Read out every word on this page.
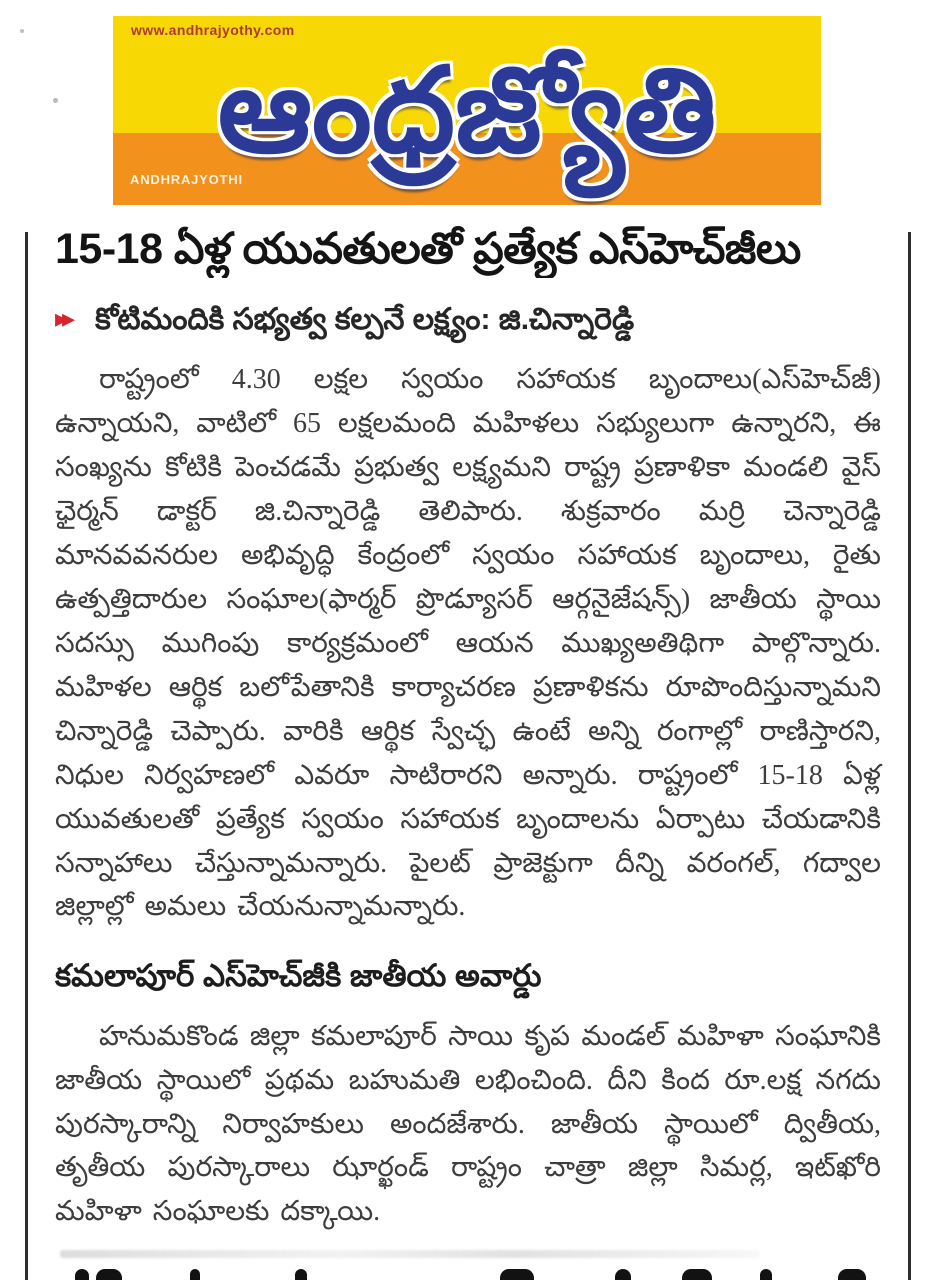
ఆంధ్రజ్యోతి
www.andhrajyothy.com
ANDHRAJYOTHI
15-18 ఏళ్ల యువతులతో ప్రత్యేక ఎస్‌హెచ్‌జీలు
▸▸ కోటిమందికి సభ్యత్వ కల్పనే లక్ష్యం: జి.చిన్నారెడ్డి

రాష్ట్రంలో 4.30 లక్షల స్వయం సహాయక బృందాలు(ఎస్‌హెచ్‌జీ) ఉన్నాయని, వాటిలో 65 లక్షలమంది మహిళలు సభ్యులుగా ఉన్నారని, ఈ సంఖ్యను కోటికి పెంచడమే ప్రభుత్వ లక్ష్యమని రాష్ట్ర ప్రణాళికా మండలి వైస్ ఛైర్మన్ డాక్టర్ జి.చిన్నారెడ్డి తెలిపారు. శుక్రవారం మర్రి చెన్నారెడ్డి మానవవనరుల అభివృద్ధి కేంద్రంలో స్వయం సహాయక బృందాలు, రైతు ఉత్పత్తిదారుల సంఘాల(ఫార్మర్ ప్రొడ్యూసర్ ఆర్గనైజేషన్స్) జాతీయ స్థాయి సదస్సు ముగింపు కార్యక్రమంలో ఆయన ముఖ్యఅతిథిగా పాల్గొన్నారు. మహిళల ఆర్థిక బలోపేతానికి కార్యాచరణ ప్రణాళికను రూపొందిస్తున్నామని చిన్నారెడ్డి చెప్పారు. వారికి ఆర్థిక స్వేచ్ఛ ఉంటే అన్ని రంగాల్లో రాణిస్తారని, నిధుల నిర్వహణలో ఎవరూ సాటిరారని అన్నారు. రాష్ట్రంలో 15-18 ఏళ్ల యువతులతో ప్రత్యేక స్వయం సహాయక బృందాలను ఏర్పాటు చేయడానికి సన్నాహాలు చేస్తున్నామన్నారు. పైలట్ ప్రాజెక్టుగా దీన్ని వరంగల్, గద్వాల జిల్లాల్లో అమలు చేయనున్నామన్నారు.

కమలాపూర్ ఎస్‌హెచ్‌జీకి జాతీయ అవార్డు

హనుమకొండ జిల్లా కమలాపూర్ సాయి కృప మండల్ మహిళా సంఘానికి జాతీయ స్థాయిలో ప్రథమ బహుమతి లభించింది. దీని కింద రూ.లక్ష నగదు పురస్కారాన్ని నిర్వాహకులు అందజేశారు. జాతీయ స్థాయిలో ద్వితీయ, తృతీయ పురస్కారాలు ఝార్ఖండ్ రాష్ట్రం చాత్రా జిల్లా సిమర్ల, ఇట్‌ఖోరి మహిళా సంఘాలకు దక్కాయి.
